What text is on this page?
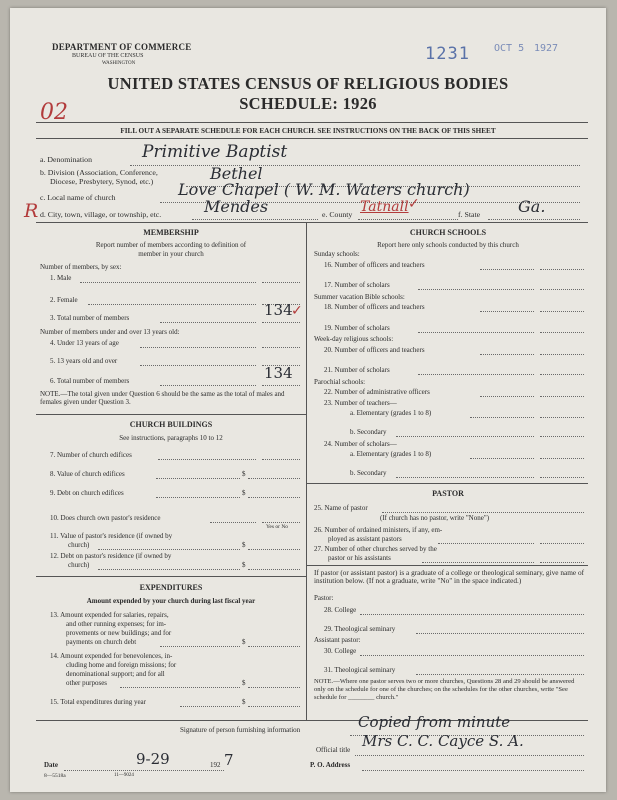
DEPARTMENT OF COMMERCE
BUREAU OF THE CENSUS
WASHINGTON	1231 OCT 5 1927
UNITED STATES CENSUS OF RELIGIOUS BODIES
SCHEDULE: 1926
02
FILL OUT A SEPARATE SCHEDULE FOR EACH CHURCH. SEE INSTRUCTIONS ON THE BACK OF THIS SHEET
a. Denomination	Primitive Baptist
b. Division (Association, Conference,
Diocese, Presbytery, Synod, etc.)	Bethel
c. Local name of church	Love Chapel ( W. M. Waters church)
R d. City, town, village, or township, etc.	Mendes	e. County Tatnall ✓
f. State Ga.
MEMBERSHIP
Report number of members according to definition of
member in your church
Number of members, by sex:
1. Male
2. Female
3. Total number of members	134
✓
Number of members under and over 13 years old:
4. Under 13 years of age
5. 13 years old and over
6. Total number of members	134
NOTE.—The total given under Question 6 should be the same as the total of males and females given under Question 3.
CHURCH BUILDINGS
See instructions, paragraphs 10 to 12
7. Number of church edifices
8. Value of church edifices	$
9. Debt on church edifices	$
10. Does church own pastor's residence
Yes or No
11. Value of pastor's residence (if owned by
church)	$
12. Debt on pastor's residence (if owned by
church)	$
EXPENDITURES
Amount expended by your church during last fiscal year
13. Amount expended for salaries, repairs,
and other running expenses; for im-
provements or new buildings; and for
payments on church debt	$
14. Amount expended for benevolences, in-
cluding home and foreign missions; for
denominational support; and for all
other purposes	$
15. Total expenditures during year	$
CHURCH SCHOOLS
Report here only schools conducted by this church
Sunday schools:
16. Number of officers and teachers
17. Number of scholars
Summer vacation Bible schools:
18. Number of officers and teachers
19. Number of scholars
Week-day religious schools:
20. Number of officers and teachers
21. Number of scholars
Parochial schools:
22. Number of administrative officers
23. Number of teachers—
a. Elementary (grades 1 to 8)
b. Secondary
24. Number of scholars—
a. Elementary (grades 1 to 8)
b. Secondary
PASTOR
25. Name of pastor
(If church has no pastor, write "None")
26. Number of ordained ministers, if any, em-
ployed as assistant pastors
27. Number of other churches served by the
pastor or his assistants
If pastor (or assistant pastor) is a graduate of a college or theological seminary, give name of institution below. (If not a graduate, write "No" in the space indicated.)
Pastor:
28. College
29. Theological seminary
Assistant pastor:
30. College
31. Theological seminary
NOTE.—Where one pastor serves two or more churches, Questions 28 and 29 should be answered only on the schedule for one of the churches; on the schedules for the other churches, write "See schedule for ________ church."
Signature of person furnishing information	Copied from minute
Official title Mrs C. C. Cayce S. A.
Date	9-29	192 7	P. O. Address
8—5518a	11—9024
